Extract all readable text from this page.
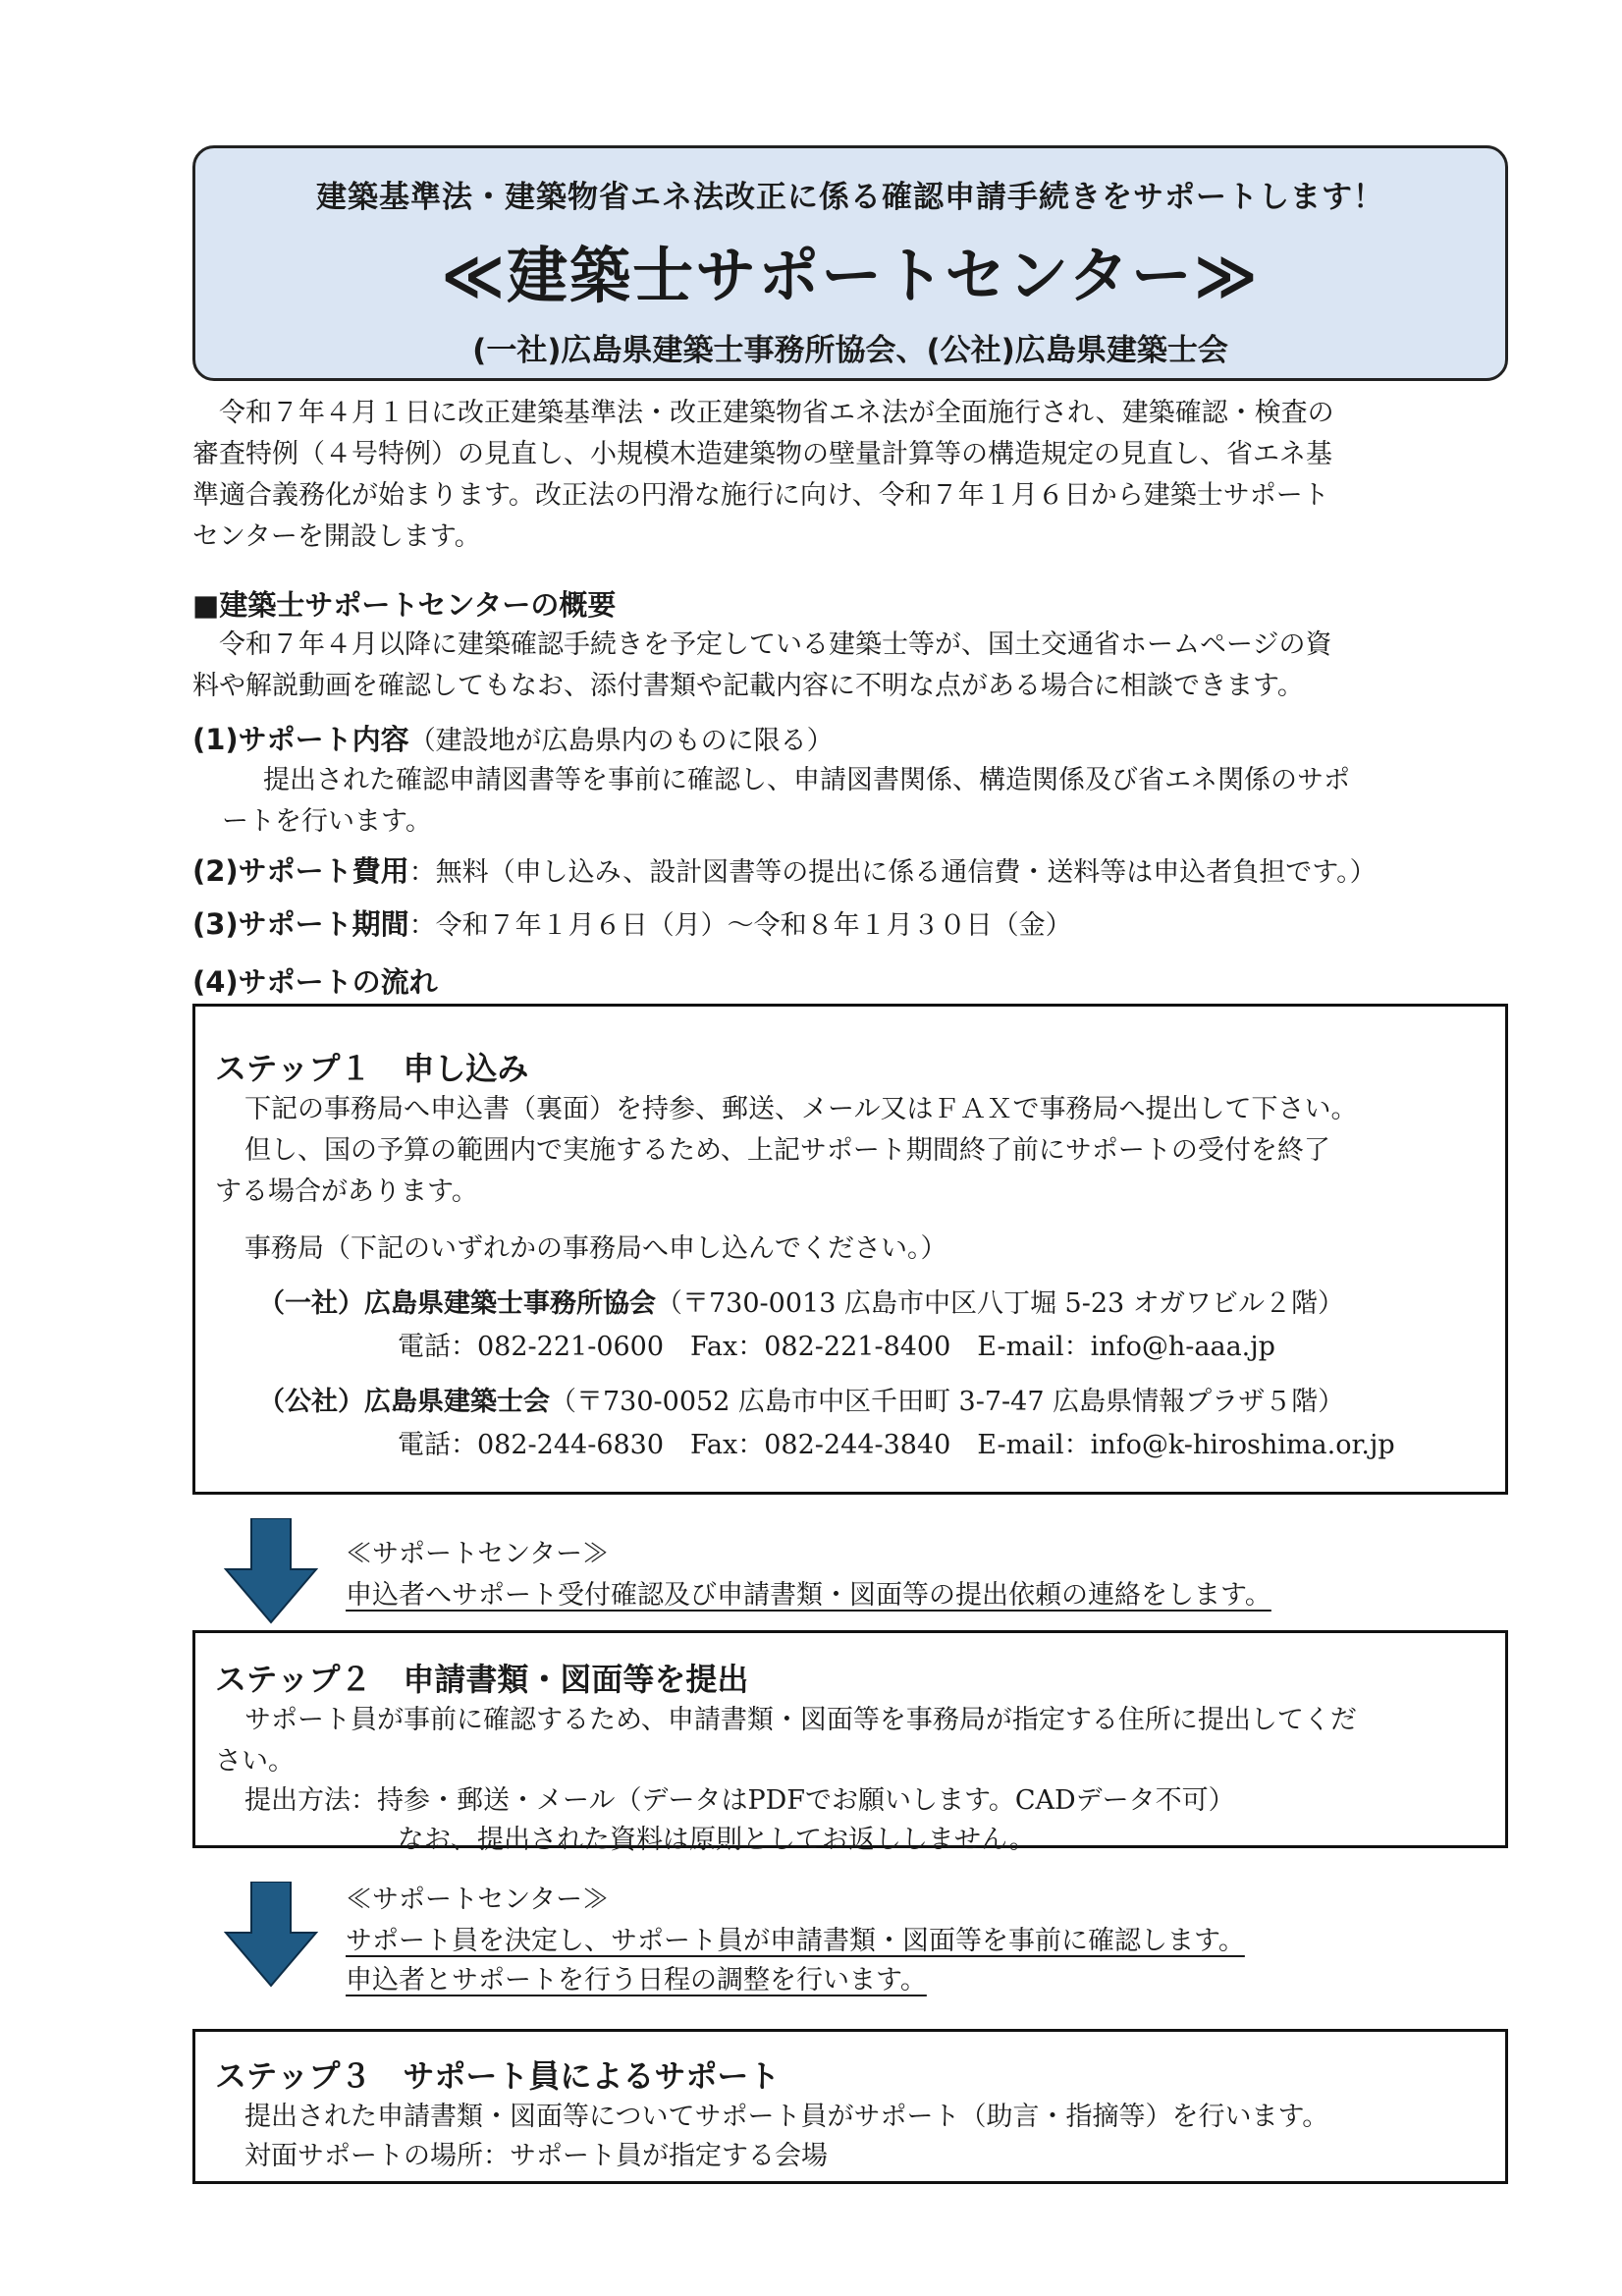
建築基準法・建築物省エネ法改正に係る確認申請手続きをサポートします！
≪建築士サポートセンター≫
(一社)広島県建築士事務所協会、(公社)広島県建築士会
令和７年４月１日に改正建築基準法・改正建築物省エネ法が全面施行され、建築確認・検査の
審査特例（４号特例）の見直し、小規模木造建築物の壁量計算等の構造規定の見直し、省エネ基
準適合義務化が始まります。改正法の円滑な施行に向け、令和７年１月６日から建築士サポート
センターを開設します。
■建築士サポートセンターの概要
令和７年４月以降に建築確認手続きを予定している建築士等が、国土交通省ホームページの資
料や解説動画を確認してもなお、添付書類や記載内容に不明な点がある場合に相談できます。
(1)サポート内容（建設地が広島県内のものに限る）
提出された確認申請図書等を事前に確認し、申請図書関係、構造関係及び省エネ関係のサポ
ートを行います。
(2)サポート費用：無料（申し込み、設計図書等の提出に係る通信費・送料等は申込者負担です。）
(3)サポート期間：令和７年１月６日（月）～令和８年１月３０日（金）
(4)サポートの流れ
ステップ１　申し込み
下記の事務局へ申込書（裏面）を持参、郵送、メール又はＦＡＸで事務局へ提出して下さい。
但し、国の予算の範囲内で実施するため、上記サポート期間終了前にサポートの受付を終了
する場合があります。
事務局（下記のいずれかの事務局へ申し込んでください。）
（一社）広島県建築士事務所協会（〒730-0013 広島市中区八丁堀 5-23 オガワビル２階）
電話：082-221-0600　Fax：082-221-8400　E-mail：info@h-aaa.jp
（公社）広島県建築士会（〒730-0052 広島市中区千田町 3-7-47 広島県情報プラザ５階）
電話：082-244-6830　Fax：082-244-3840　E-mail：info@k-hiroshima.or.jp
≪サポートセンター≫
申込者へサポート受付確認及び申請書類・図面等の提出依頼の連絡をします。
ステップ２　申請書類・図面等を提出
サポート員が事前に確認するため、申請書類・図面等を事務局が指定する住所に提出してくだ
さい。
提出方法：持参・郵送・メール（データはPDFでお願いします。CADデータ不可）
なお、提出された資料は原則としてお返ししません。
≪サポートセンター≫
サポート員を決定し、サポート員が申請書類・図面等を事前に確認します。
申込者とサポートを行う日程の調整を行います。
ステップ３　サポート員によるサポート
提出された申請書類・図面等についてサポート員がサポート（助言・指摘等）を行います。
対面サポートの場所：サポート員が指定する会場
